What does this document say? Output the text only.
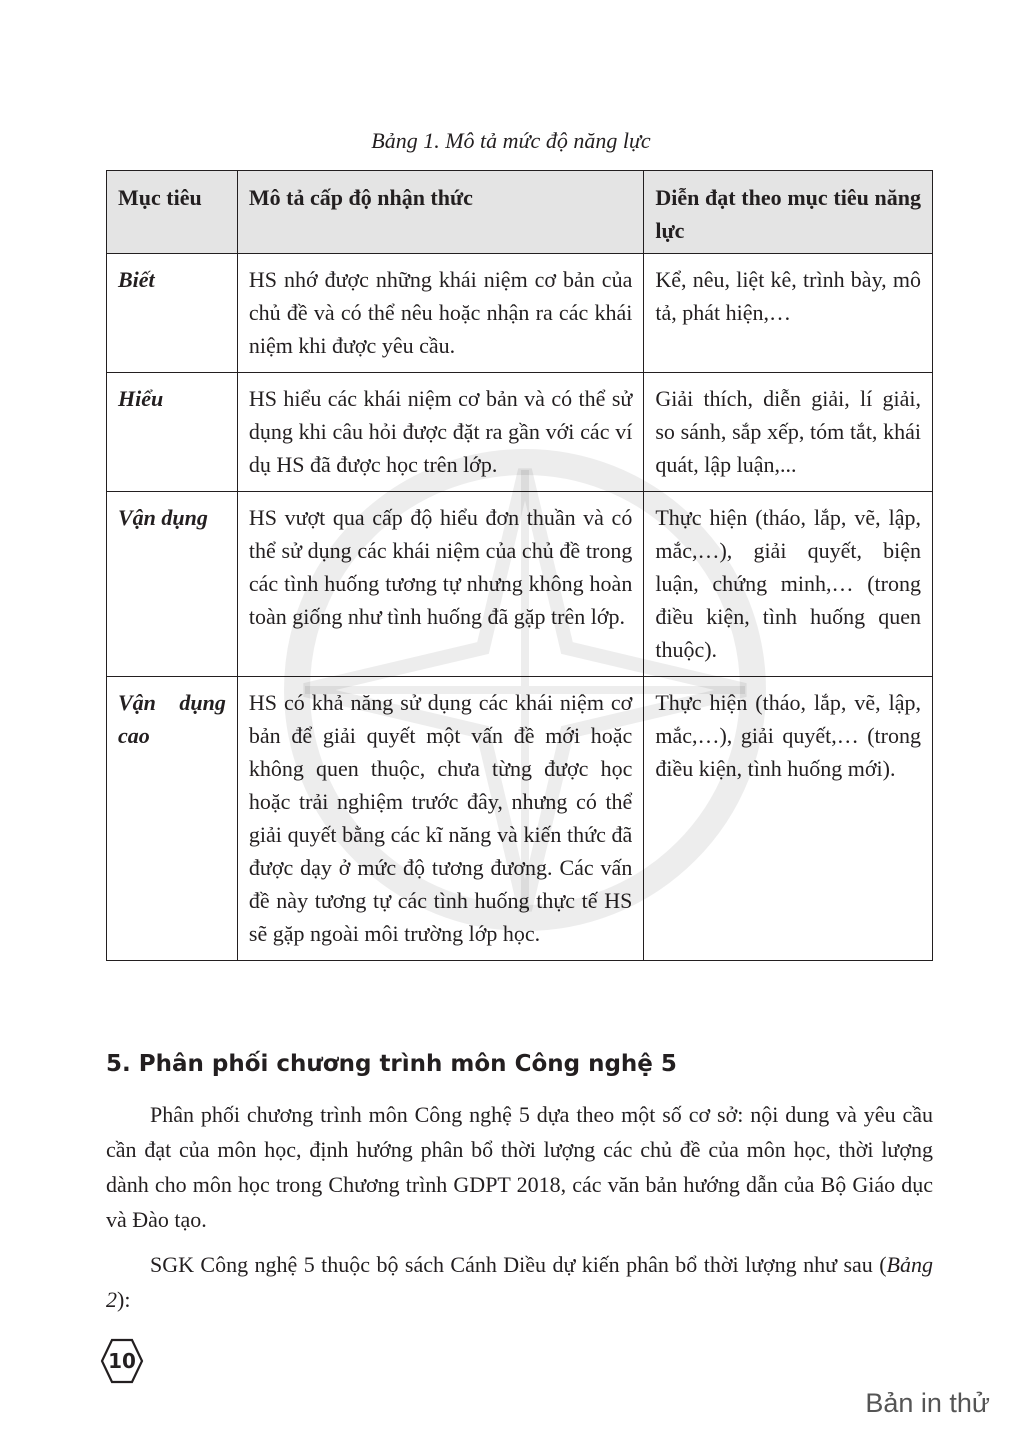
Bảng 1. Mô tả mức độ năng lực
Mục tiêu	Mô tả cấp độ nhận thức	Diễn đạt theo mục tiêu năng lực
Biết	HS nhớ được những khái niệm cơ bản của chủ đề và có thể nêu hoặc nhận ra các khái niệm khi được yêu cầu.	Kể, nêu, liệt kê, trình bày, mô tả, phát hiện,…
Hiểu	HS hiểu các khái niệm cơ bản và có thể sử dụng khi câu hỏi được đặt ra gần với các ví dụ HS đã được học trên lớp.	Giải thích, diễn giải, lí giải, so sánh, sắp xếp, tóm tắt, khái quát, lập luận,...
Vận dụng	HS vượt qua cấp độ hiểu đơn thuần và có thể sử dụng các khái niệm của chủ đề trong các tình huống tương tự nhưng không hoàn toàn giống như tình huống đã gặp trên lớp.	Thực hiện (tháo, lắp, vẽ, lập, mắc,…), giải quyết, biện luận, chứng minh,… (trong điều kiện, tình huống quen thuộc).
Vận dụng cao	HS có khả năng sử dụng các khái niệm cơ bản để giải quyết một vấn đề mới hoặc không quen thuộc, chưa từng được học hoặc trải nghiệm trước đây, nhưng có thể giải quyết bằng các kĩ năng và kiến thức đã được dạy ở mức độ tương đương. Các vấn đề này tương tự các tình huống thực tế HS sẽ gặp ngoài môi trường lớp học.	Thực hiện (tháo, lắp, vẽ, lập, mắc,…), giải quyết,… (trong điều kiện, tình huống mới).
5. Phân phối chương trình môn Công nghệ 5

Phân phối chương trình môn Công nghệ 5 dựa theo một số cơ sở: nội dung và yêu cầu cần đạt của môn học, định hướng phân bổ thời lượng các chủ đề của môn học, thời lượng dành cho môn học trong Chương trình GDPT 2018, các văn bản hướng dẫn của Bộ Giáo dục và Đào tạo.

SGK Công nghệ 5 thuộc bộ sách Cánh Diều dự kiến phân bổ thời lượng như sau (Bảng 2):

10
Bản in thử
